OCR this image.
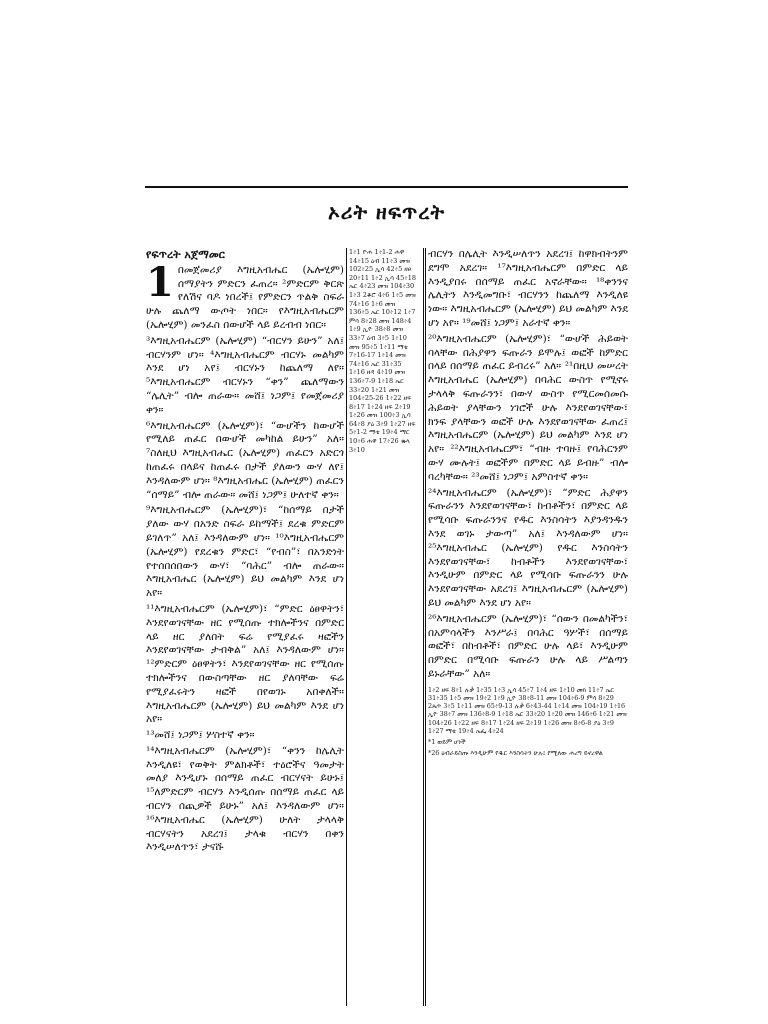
ኦሪት ዘፍጥረት
የፍጥረት አጀማመር
1 በመጀመሪያ እግዚአብሔር (ኤሎሂም) ሰማያትን ምድርን ፈጠረ። ²ምድርም ቅርጽ የለሽና ባዶ ነበረች፤ የምድርን ጥልቅ ስፍራ ሁሉ ጨለማ ውጦት ነበር። የእግዚአብሔርም (ኤሎሂም) መንፈስ በውሆች ላይ ይረብብ ነበር።

³እግዚአብሔርም (ኤሎሂም) “ብርሃን ይሁን” አለ፤ ብርሃንም ሆነ። ⁴እግዚአብሔርም ብርሃኑ መልካም እንደ ሆነ አየ፤ ብርሃኑን ከጨለማ ለየ። ⁵እግዚአብሔርም ብርሃኑን “ቀን” ጨለማውን “ሌሊት” ብሎ ጠራው። መሸ፤ ነጋም፤ የመጀመሪያ ቀን።

⁶እግዚአብሔርም (ኤሎሂም)፣ “ውሆችን ከውሆች የሚለይ ጠፈር በውሆች መካከል ይሁን” አለ። ⁷ስለዚህ እግዚአብሔር (ኤሎሂም) ጠፈርን አድርጎ ከጠፈሩ በላይና ከጠፈሩ በታች ያለውን ውሃ ለየ፤ እንዳለውም ሆነ። ⁸እግዚአብሔር (ኤሎሂም) ጠፈርን “ሰማይ” ብሎ ጠራው። መሸ፤ ነጋም፤ ሁለተኛ ቀን።

⁹እግዚአብሔርም (ኤሎሂም)፣ “ከሰማይ በታች ያለው ውሃ በአንድ ስፍራ ይከማች፤ ደረቁ ምድርም ይገለጥ” አለ፤ እንዳለውም ሆነ። ¹⁰እግዚአብሔርም (ኤሎሂም) የደረቁን ምድር፣ “የብስ”፣ በአንድነት የተሰበሰበውን ውሃ፣ “ባሕር” ብሎ ጠራው። እግዚአብሔር (ኤሎሂም) ይህ መልካም እንደ ሆነ አየ።

¹¹እግዚአብሔርም (ኤሎሂም)፣ “ምድር ዕፀዋትን፣ እንደየወገናቸው ዘር የሚሰጡ ተክሎችንና በምድር ላይ ዘር ያለበት ፍሬ የሚያፈሩ ዛፎችን እንደየወገናቸው ታብቅል” አለ፤ እንዳለውም ሆነ። ¹²ምድርም ዕፀዋትን፣ እንደየወገናቸው ዘር የሚሰጡ ተክሎችንና በውስጣቸው ዘር ያለባቸው ፍሬ የሚያፈሩትን ዛፎች በየወገኑ አበቀለች። እግዚአብሔርም (ኤሎሂም) ይህ መልካም እንደ ሆነ አየ።

¹³መሸ፤ ነጋም፤ ሦስተኛ ቀን።

¹⁴እግዚአብሔርም (ኤሎሂም)፣ “ቀንን ከሌሊት እንዲለዩ፣ የወቅት ምልክቶች፣ ተዕሮችና ዓመታት መለያ እንዲሆኑ በሰማይ ጠፈር ብርሃናት ይሁኑ፤ ¹⁵ለምድርም ብርሃን እንዲሰጡ በሰማይ ጠፈር ላይ ብርሃን ሰጪዎች ይሁኑ” አለ፤ እንዳለውም ሆነ። ¹⁶እግዚአብሔር (ኤሎሂም) ሁለት ታላላቅ ብርሃናትን አደረገ፤ ታላቁ ብርሃን በቀን እንዲሠለጥን፣ ታናሹ

1፥1 ዮሐ 1፥1-2 ሐዋ 14፥15 ዕብ 11፥3 መዝ 102፥25 ኢሳ 42፥5 ዘፀ 20፥11 1፥2 ኢሳ 45፥18 ኤር 4፥23 መዝ 104፥30 1፥3 2ቆሮ 4፥6 1፥5 መዝ 74፥16 1፥6 መዝ 136፥5 ኤር 10፥12 1፥7 ምሳ 8፥28 መዝ 148፥4 1፥9 ኢዮ 38፥8 መዝ 33፥7 ዕብ 3፥5 1፥10 መዝ 95፥5 1፥11 ማቴ 7፥16-17 1፥14 መዝ 74፥16 ኤር 31፥35 1፥16 ዘዳ 4፥19 መዝ 136፥7-9 1፥18 ኤር 33፥20 1፥21 መዝ 104፥25-26 1፥22 ዘፍ 8፥17 1፥24 ዘፍ 2፥19 1፥26 መዝ 100፥3 ኢሳ 64፥8 ያዕ 3፥9 1፥27 ዘፍ 5፥1-2 ማቴ 19፥4 ማር 10፥6 ሐዋ 17፥26 ቈላ 3፥10

ብርሃን በሌሊት እንዲሠለጥን አደረገ፤ ከዋክብትንም ደግሞ አደረገ። ¹⁷እግዚአብሔርም በምድር ላይ እንዲያበሩ በሰማይ ጠፈር አኖራቸው። ¹⁸ቀንንና ሌሊትን እንዲመግቡ፣ ብርሃንን ከጨለማ እንዲለዩ ነው። እግዚአብሔርም (ኤሎሂም) ይህ መልካም እንደ ሆነ አየ። ¹⁹መሸ፤ ነጋም፤ አራተኛ ቀን።

²⁰እግዚአብሔርም (ኤሎሂም)፣ “ውሆች ሕይወት ባላቸው በሕያዋን ፍጡራን ይሞሉ፤ ወፎች ከምድር በላይ በሰማይ ጠፈር ይብረሩ” አለ። ²¹በዚህ መሠረት እግዚአብሔር (ኤሎሂም) በባሕር ውስጥ የሚኖሩ ታላላቅ ፍጡራንን፣ በውሃ ውስጥ የሚርመሰመሱ ሕይወት ያላቸውን ነገሮች ሁሉ እንደየወገናቸው፣ ክንፍ ያላቸውን ወፎች ሁሉ እንደየወገናቸው ፈጠረ፤ እግዚአብሔርም (ኤሎሂም) ይህ መልካም እንደ ሆነ አየ። ²²እግዚአብሔርም፣ “ብዙ ተባዙ፤ የባሕርንም ውሃ ሙሉት፤ ወፎችም በምድር ላይ ይብዙ” ብሎ ባረካቸው። ²³መሸ፤ ነጋም፤ አምስተኛ ቀን።

²⁴እግዚአብሔርም (ኤሎሂም)፣ “ምድር ሕያዋን ፍጡራንን እንደየወገናቸው፣ ከብቶችን፣ በምድር ላይ የሚሳቡ ፍጡራንንና የዱር እንስሳትን እያንዳንዱን እንደ ወገኑ ታውጣ” አለ፤ እንዳለውም ሆነ። ²⁵እግዚአብሔር (ኤሎሂም) የዱር እንስሳትን እንደየወገናቸው፣ ከብቶችን እንደየወገናቸው፣ እንዲሁም በምድር ላይ የሚሳቡ ፍጡራንን ሁሉ እንደየወገናቸው አደረገ፤ እግዚአብሔርም (ኤሎሂም) ይህ መልካም እንደ ሆነ አየ።

²⁶እግዚአብሔርም (ኤሎሂም)፣ “ሰውን በመልካችን፣ በአምሳላችን እንሥራ፤ በባሕር ዓሦች፣ በሰማይ ወፎች፣ በከብቶች፣ በምድር ሁሉ ላይ፣ እንዲሁም በምድር በሚሳቡ ፍጡራን ሁሉ ላይ ሥልጣን ይኑራቸው” አለ።

1፥2 ዘፍ 8፥1 ሉቃ 1፥35 1፥3 ኢሳ 45፥7 1፥4 ዘፍ 1፥10 መክ 11፥7 ኤር 31፥35 1፥5 መዝ 19፥2 1፥9 ኢዮ 38፥8-11 መዝ 104፥6-9 ምሳ 8፥29 2ጴጥ 3፥5 1፥11 መዝ 65፥9-13 ሉቃ 6፥43-44 1፥14 መዝ 104፥19 1፥16 ኢዮ 38፥7 መዝ 136፥8-9 1፥18 ኤር 33፥20 1፥20 መዝ 146፥6 1፥21 መዝ 104፥26 1፥22 ዘፍ 8፥17 1፥24 ዘፍ 2፥19 1፥26 መዝ 8፥6-8 ያዕ 3፥9 1፥27 ማቴ 19፥4 ኤፌ 4፥24
*1 ወይም ሆነች
*26 ዕብራይስጡ እንዲሁም የዱር እንስሳትን ሁሉ፤ የሚለው ሐረግ ይኖረዋል
